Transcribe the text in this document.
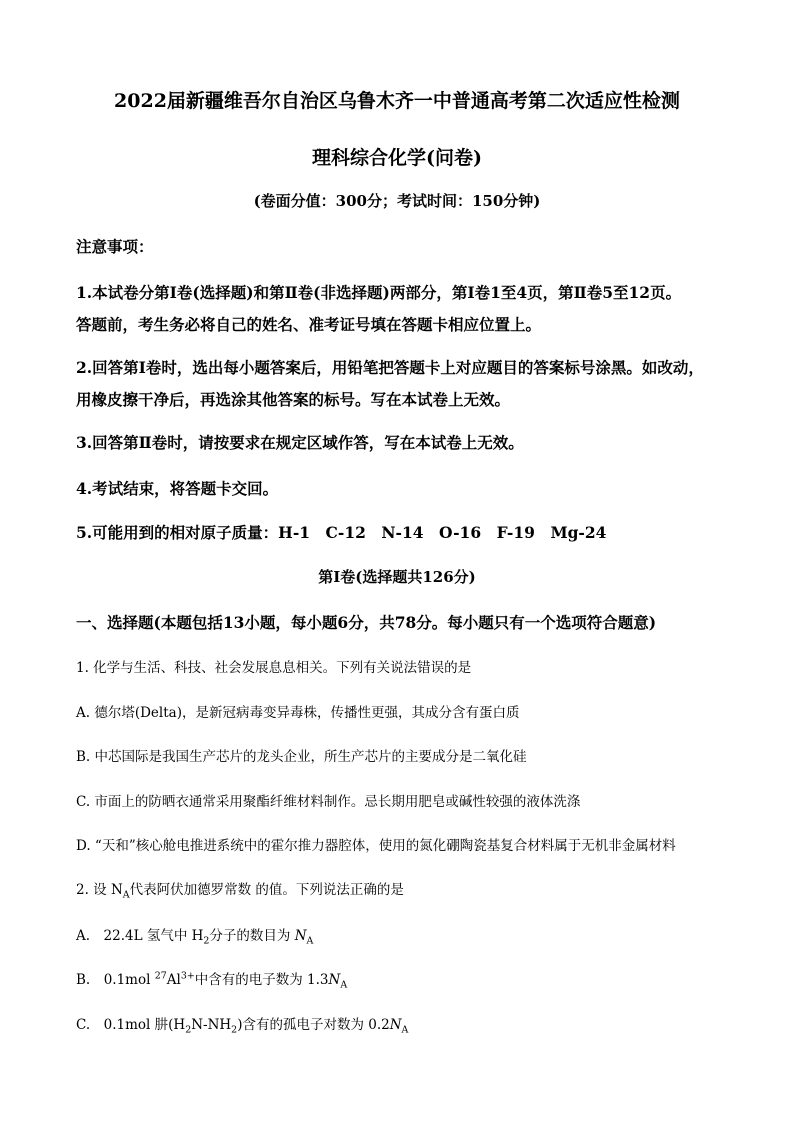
2022届新疆维吾尔自治区乌鲁木齐一中普通高考第二次适应性检测
理科综合化学(问卷)
(卷面分值：300分；考试时间：150分钟)
注意事项：
1.本试卷分第Ⅰ卷(选择题)和第Ⅱ卷(非选择题)两部分，第Ⅰ卷1至4页，第Ⅱ卷5至12页。
答题前，考生务必将自己的姓名、准考证号填在答题卡相应位置上。
2.回答第Ⅰ卷时，选出每小题答案后，用铅笔把答题卡上对应题目的答案标号涂黑。如改动，
用橡皮擦干净后，再选涂其他答案的标号。写在本试卷上无效。
3.回答第Ⅱ卷时，请按要求在规定区域作答，写在本试卷上无效。
4.考试结束，将答题卡交回。
5.可能用到的相对原子质量：H-1　C-12　N-14　O-16　F-19　Mg-24
第Ⅰ卷(选择题共126分)
一、选择题(本题包括13小题，每小题6分，共78分。每小题只有一个选项符合题意)
1. 化学与生活、科技、社会发展息息相关。下列有关说法错误的是
A. 德尔塔(Delta)，是新冠病毒变异毒株，传播性更强，其成分含有蛋白质
B. 中芯国际是我国生产芯片的龙头企业，所生产芯片的主要成分是二氧化硅
C. 市面上的防晒衣通常采用聚酯纤维材料制作。忌长期用肥皂或碱性较强的液体洗涤
D. “天和”核心舱电推进系统中的霍尔推力器腔体，使用的氮化硼陶瓷基复合材料属于无机非金属材料
2. 设 $N_A$代表阿伏加德罗常数 的值。下列说法正确的是
A.　22.4L 氢气中 $H_2$分子的数目为 $N_A$
B.　0.1mol $^{27}Al^{3+}$中含有的电子数为 $1.3N_A$
C.　0.1mol 肼$(H_2N-NH_2)$含有的孤电子对数为 $0.2N_A$
